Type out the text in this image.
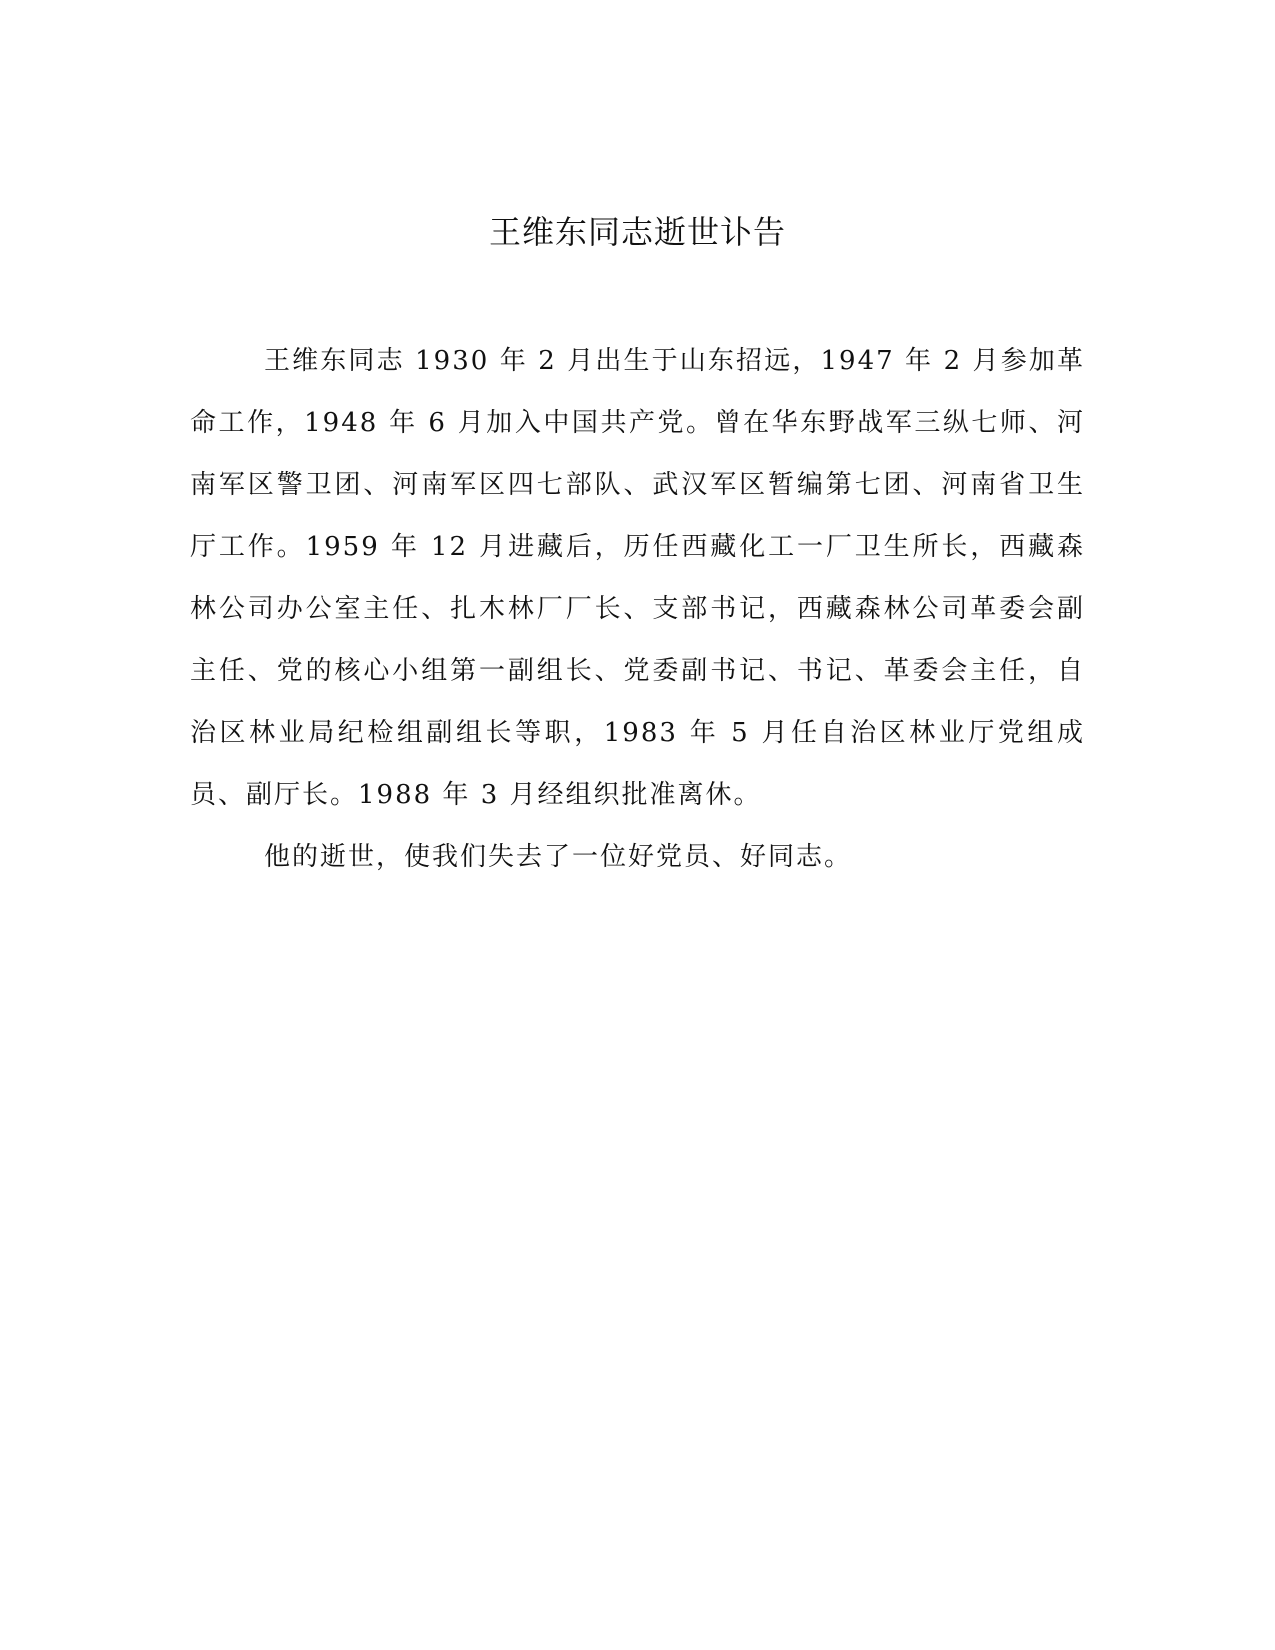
王维东同志逝世讣告

王维东同志 1930 年 2 月出生于山东招远，1947 年 2 月参加革命工作，1948 年 6 月加入中国共产党。曾在华东野战军三纵七师、河南军区警卫团、河南军区四七部队、武汉军区暂编第七团、河南省卫生厅工作。1959 年 12 月进藏后，历任西藏化工一厂卫生所长，西藏森林公司办公室主任、扎木林厂厂长、支部书记，西藏森林公司革委会副主任、党的核心小组第一副组长、党委副书记、书记、革委会主任，自治区林业局纪检组副组长等职，1983 年 5 月任自治区林业厅党组成员、副厅长。1988 年 3 月经组织批准离休。

他的逝世，使我们失去了一位好党员、好同志。
